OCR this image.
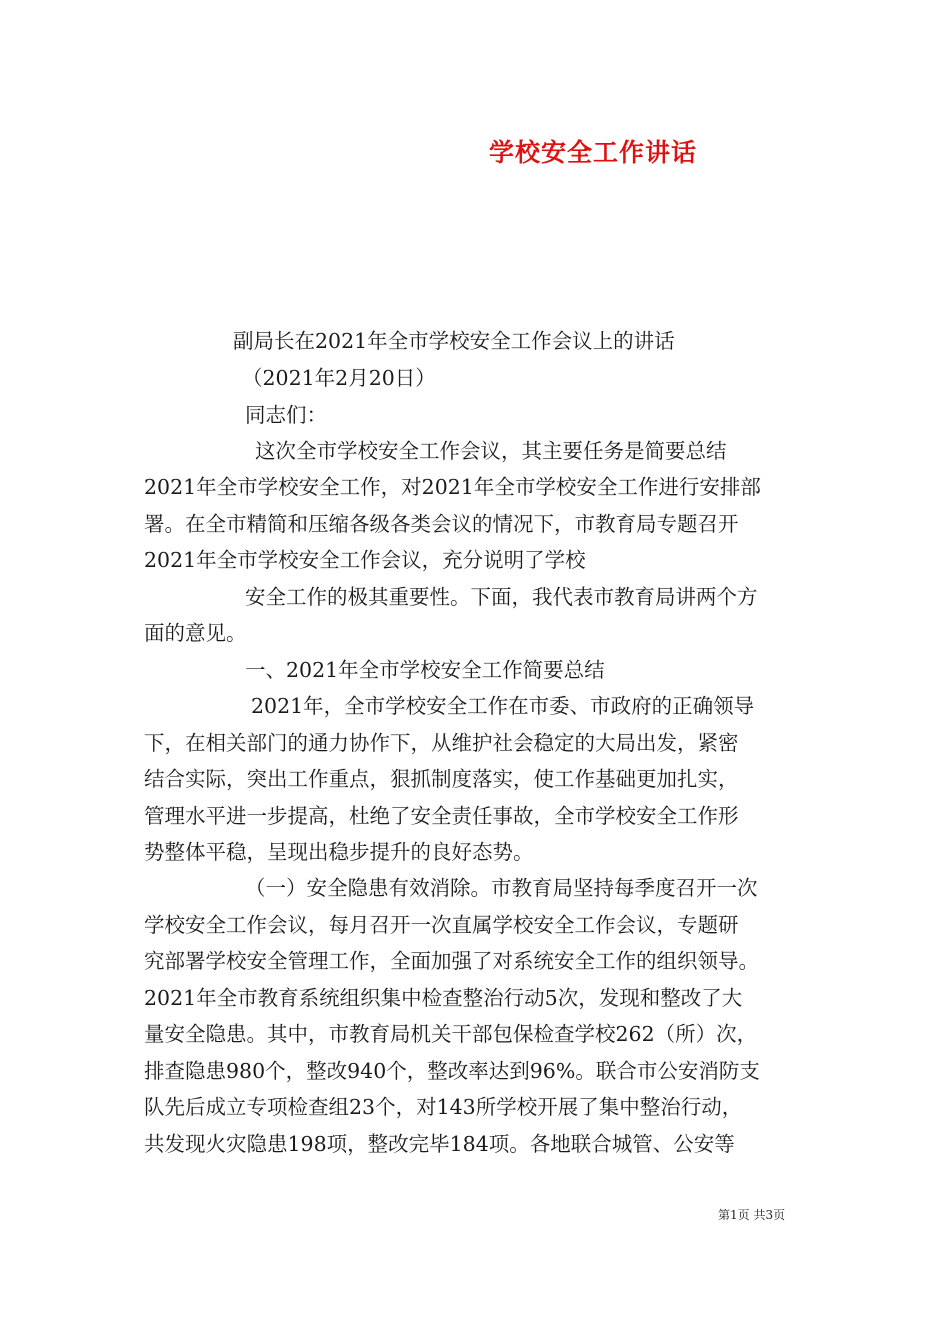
学校安全工作讲话

副局长在2021年全市学校安全工作会议上的讲话

（2021年2月20日）

同志们：

这次全市学校安全工作会议，其主要任务是简要总结

2021年全市学校安全工作，对2021年全市学校安全工作进行安排部

署。在全市精简和压缩各级各类会议的情况下，市教育局专题召开

2021年全市学校安全工作会议，充分说明了学校

安全工作的极其重要性。下面，我代表市教育局讲两个方

面的意见。

一、2021年全市学校安全工作简要总结

2021年，全市学校安全工作在市委、市政府的正确领导

下，在相关部门的通力协作下，从维护社会稳定的大局出发，紧密

结合实际，突出工作重点，狠抓制度落实，使工作基础更加扎实，

管理水平进一步提高，杜绝了安全责任事故，全市学校安全工作形

势整体平稳，呈现出稳步提升的良好态势。

（一）安全隐患有效消除。市教育局坚持每季度召开一次

学校安全工作会议，每月召开一次直属学校安全工作会议，专题研

究部署学校安全管理工作，全面加强了对系统安全工作的组织领导。

2021年全市教育系统组织集中检查整治行动5次，发现和整改了大

量安全隐患。其中，市教育局机关干部包保检查学校262（所）次，

排查隐患980个，整改940个，整改率达到96%。联合市公安消防支

队先后成立专项检查组23个，对143所学校开展了集中整治行动，

共发现火灾隐患198项，整改完毕184项。各地联合城管、公安等

第1页 共3页
